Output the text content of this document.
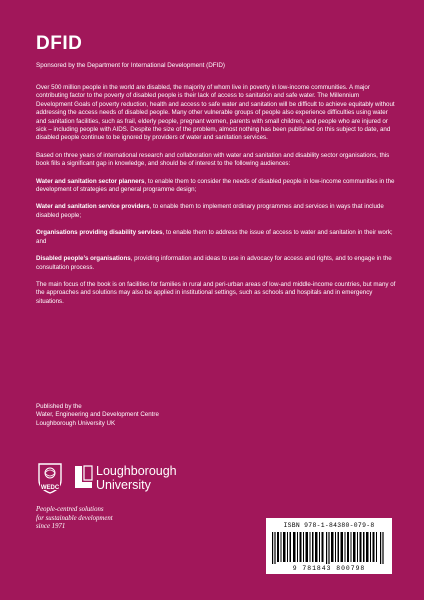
DFID
Sponsored by the Department for International Development (DFID)

Over 500 million people in the world are disabled, the majority of whom live in poverty in low-income communities. A major contributing factor to the poverty of disabled people is their lack of access to sanitation and safe water. The Millennium Development Goals of poverty reduction, health and access to safe water and sanitation will be difficult to achieve equitably without addressing the access needs of disabled people. Many other vulnerable groups of people also experience difficulties using water and sanitation facilities, such as frail, elderly people, pregnant women, parents with small children, and people who are injured or sick – including people with AIDS. Despite the size of the problem, almost nothing has been published on this subject to date, and disabled people continue to be ignored by providers of water and sanitation services.

Based on three years of international research and collaboration with water and sanitation and disability sector organisations, this book fills a significant gap in knowledge, and should be of interest to the following audiences:

Water and sanitation sector planners, to enable them to consider the needs of disabled people in low-income communities in the development of strategies and general programme design;

Water and sanitation service providers, to enable them to implement ordinary programmes and services in ways that include disabled people;

Organisations providing disability services, to enable them to address the issue of access to water and sanitation in their work; and

Disabled people’s organisations, providing information and ideas to use in advocacy for access and rights, and to engage in the consultation process.

The main focus of the book is on facilities for families in rural and peri-urban areas of low-and middle-income countries, but many of the approaches and solutions may also be applied in institutional settings, such as schools and hospitals and in emergency situations.

Published by the
Water, Engineering and Development Centre
Loughborough University UK
WEDC
Loughborough
University
People-centred solutions
for sustainable development
since 1971	ISBN 978-1-84380-079-8
9 781843 800798
